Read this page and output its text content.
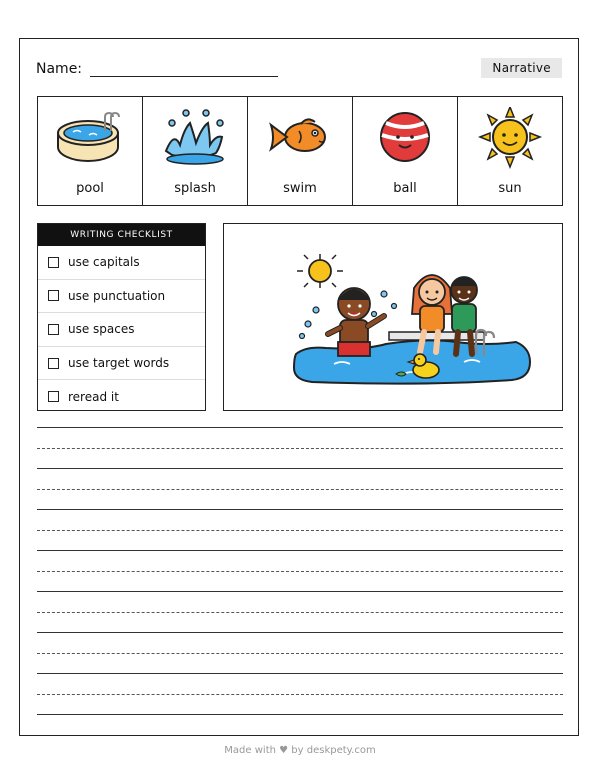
Name:	Narrative
pool	splash	swim	ball	sun
WRITING CHECKLIST
use capitals
use punctuation
use spaces
use target words
reread it
Made with ♥ by deskpety.com
